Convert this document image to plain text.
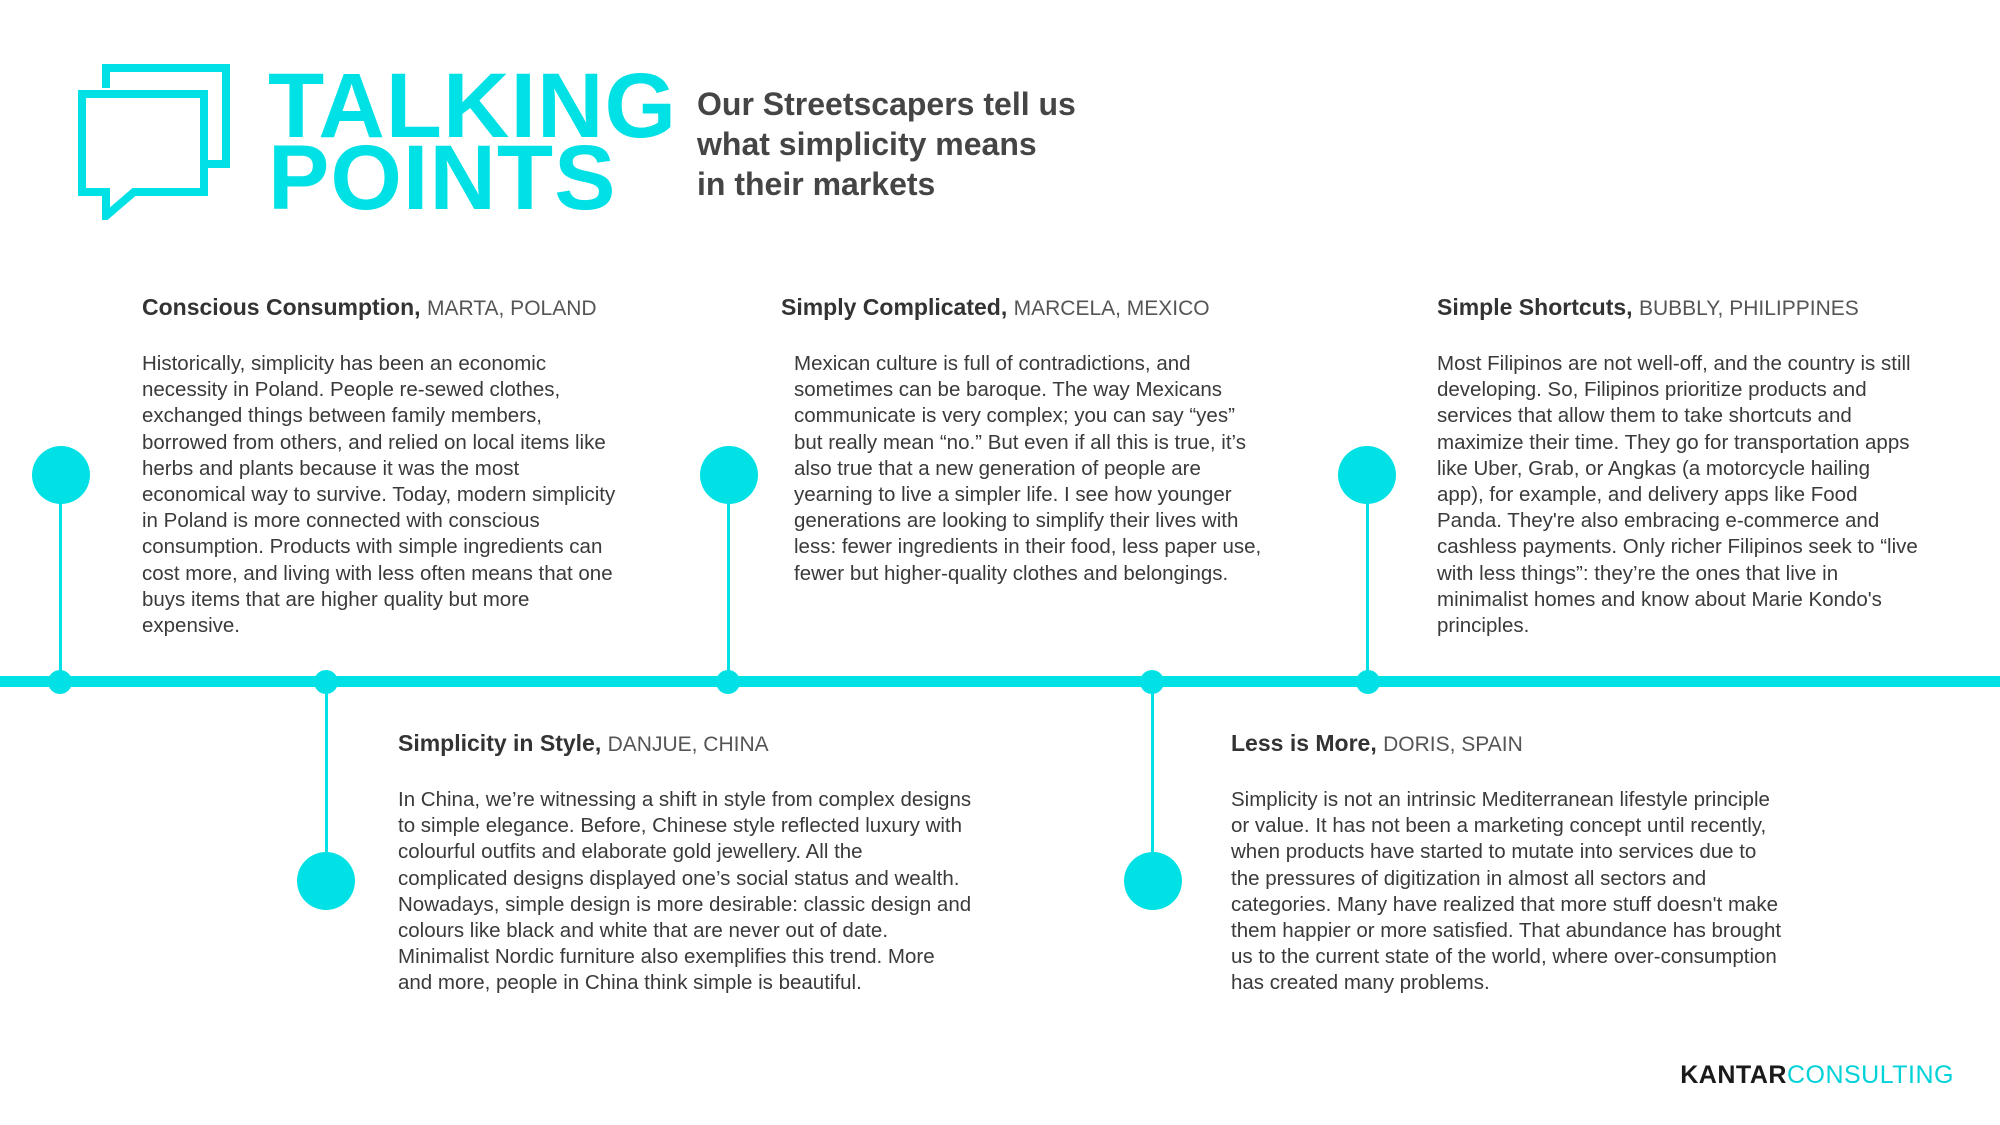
TALKING
POINTS
Our Streetscapers tell us
what simplicity means
in their markets
Conscious Consumption, MARTA, POLAND
Historically, simplicity has been an economic
necessity in Poland. People re-sewed clothes,
exchanged things between family members,
borrowed from others, and relied on local items like
herbs and plants because it was the most
economical way to survive. Today, modern simplicity
in Poland is more connected with conscious
consumption. Products with simple ingredients can
cost more, and living with less often means that one
buys items that are higher quality but more
expensive.
Simplicity in Style, DANJUE, CHINA
In China, we’re witnessing a shift in style from complex designs
to simple elegance. Before, Chinese style reflected luxury with
colourful outfits and elaborate gold jewellery. All the
complicated designs displayed one’s social status and wealth.
Nowadays, simple design is more desirable: classic design and
colours like black and white that are never out of date.
Minimalist Nordic furniture also exemplifies this trend. More
and more, people in China think simple is beautiful.
Simply Complicated, MARCELA, MEXICO
Mexican culture is full of contradictions, and
sometimes can be baroque. The way Mexicans
communicate is very complex; you can say “yes”
but really mean “no.” But even if all this is true, it’s
also true that a new generation of people are
yearning to live a simpler life. I see how younger
generations are looking to simplify their lives with
less: fewer ingredients in their food, less paper use,
fewer but higher-quality clothes and belongings.
Less is More, DORIS, SPAIN
Simplicity is not an intrinsic Mediterranean lifestyle principle
or value. It has not been a marketing concept until recently,
when products have started to mutate into services due to
the pressures of digitization in almost all sectors and
categories. Many have realized that more stuff doesn't make
them happier or more satisfied. That abundance has brought
us to the current state of the world, where over-consumption
has created many problems.
Simple Shortcuts, BUBBLY, PHILIPPINES
Most Filipinos are not well-off, and the country is still
developing. So, Filipinos prioritize products and
services that allow them to take shortcuts and
maximize their time. They go for transportation apps
like Uber, Grab, or Angkas (a motorcycle hailing
app), for example, and delivery apps like Food
Panda. They're also embracing e-commerce and
cashless payments. Only richer Filipinos seek to “live
with less things”: they’re the ones that live in
minimalist homes and know about Marie Kondo's
principles.
KANTARCONSULTING
